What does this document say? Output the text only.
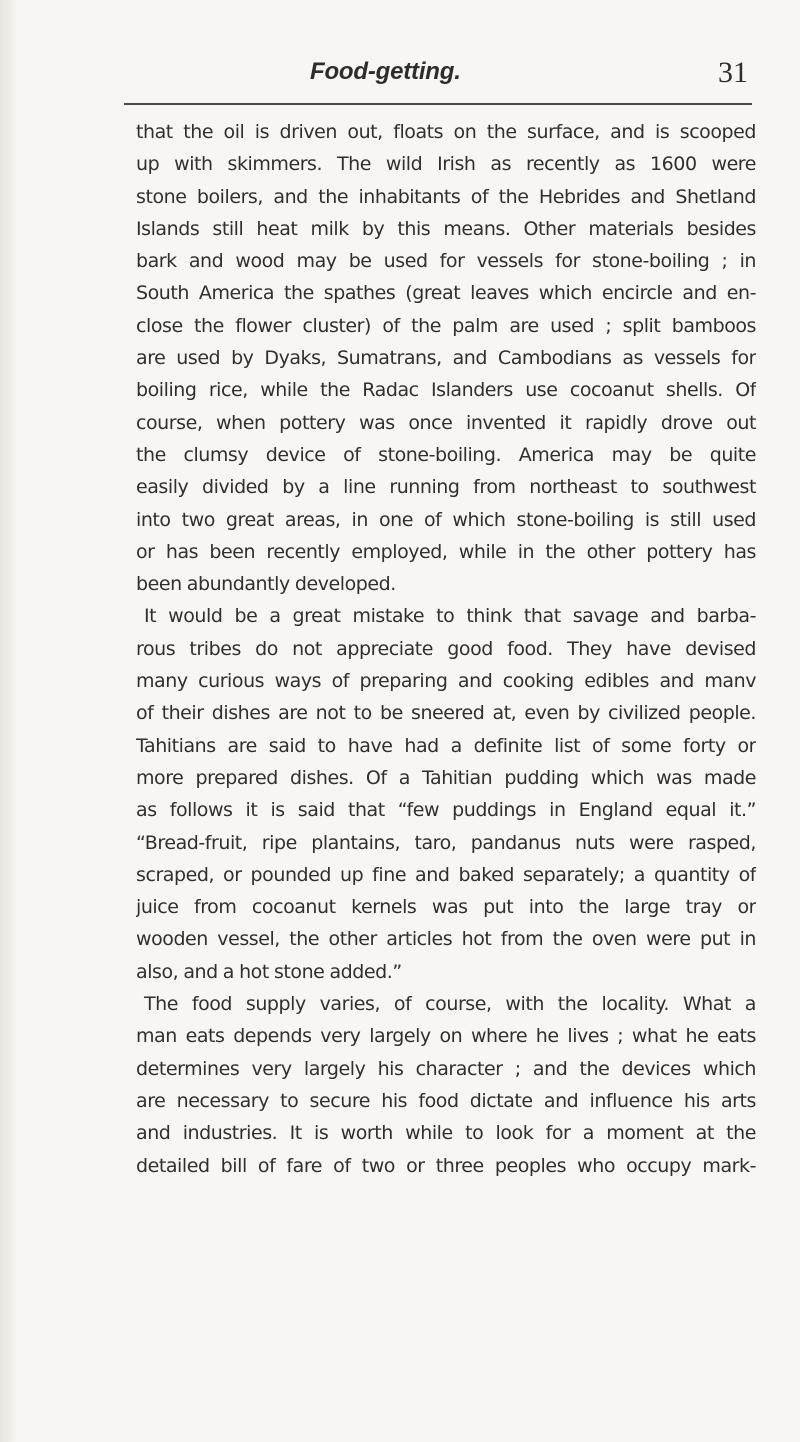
Food-getting.	31
that the oil is driven out, floats on the surface, and is scooped
up with skimmers. The wild Irish as recently as 1600 were
stone boilers, and the inhabitants of the Hebrides and Shetland
Islands still heat milk by this means. Other materials besides
bark and wood may be used for vessels for stone-boiling ; in
South America the spathes (great leaves which encircle and en-
close the flower cluster) of the palm are used ; split bamboos
are used by Dyaks, Sumatrans, and Cambodians as vessels for
boiling rice, while the Radac Islanders use cocoanut shells. Of
course, when pottery was once invented it rapidly drove out
the clumsy device of stone-boiling. America may be quite
easily divided by a line running from northeast to southwest
into two great areas, in one of which stone-boiling is still used
or has been recently employed, while in the other pottery has
been abundantly developed.
It would be a great mistake to think that savage and barba-
rous tribes do not appreciate good food. They have devised
many curious ways of preparing and cooking edibles and manv
of their dishes are not to be sneered at, even by civilized people.
Tahitians are said to have had a definite list of some forty or
more prepared dishes. Of a Tahitian pudding which was made
as follows it is said that “few puddings in England equal it.”
“Bread-fruit, ripe plantains, taro, pandanus nuts were rasped,
scraped, or pounded up fine and baked separately; a quantity of
juice from cocoanut kernels was put into the large tray or
wooden vessel, the other articles hot from the oven were put in
also, and a hot stone added.”
The food supply varies, of course, with the locality. What a
man eats depends very largely on where he lives ; what he eats
determines very largely his character ; and the devices which
are necessary to secure his food dictate and influence his arts
and industries. It is worth while to look for a moment at the
detailed bill of fare of two or three peoples who occupy mark-
